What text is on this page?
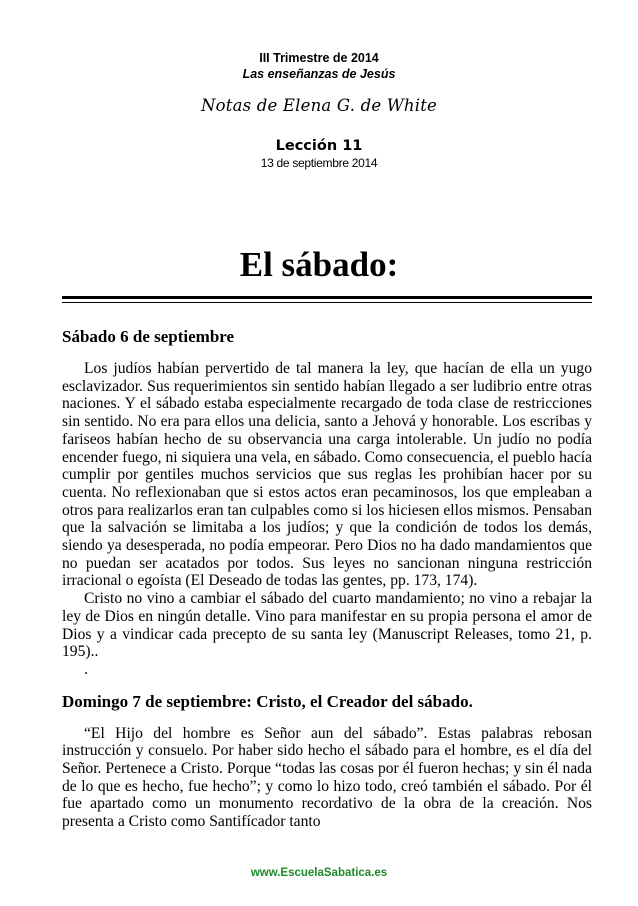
III Trimestre de 2014
Las enseñanzas de Jesús
Notas de Elena G. de White
Lección 11
13 de septiembre 2014
El sábado:

Sábado 6 de septiembre

Los judíos habían pervertido de tal manera la ley, que hacían de ella un yugo esclavizador. Sus requerimientos sin sentido habían llegado a ser ludibrio entre otras naciones. Y el sábado estaba especialmente recargado de toda clase de restricciones sin sentido. No era para ellos una delicia, santo a Jehová y honorable. Los escribas y fariseos habían hecho de su observancia una carga intolerable. Un judío no podía encender fuego, ni siquiera una vela, en sábado. Como consecuencia, el pueblo hacía cumplir por gentiles muchos servicios que sus reglas les prohibían hacer por su cuenta. No reflexionaban que si estos actos eran pecaminosos, los que empleaban a otros para realizarlos eran tan culpables como si los hiciesen ellos mismos. Pensaban que la salvación se limitaba a los judíos; y que la condición de todos los demás, siendo ya desesperada, no podía empeorar. Pero Dios no ha dado mandamientos que no puedan ser acatados por todos. Sus leyes no sancionan ninguna restricción irracional o egoísta (El Deseado de todas las gentes, pp. 173, 174).

Cristo no vino a cambiar el sábado del cuarto mandamiento; no vino a rebajar la ley de Dios en ningún detalle. Vino para manifestar en su propia persona el amor de Dios y a vindicar cada precepto de su santa ley (Manuscript Releases, tomo 21, p. 195)..

.

Domingo 7 de septiembre: Cristo, el Creador del sábado.

“El Hijo del hombre es Señor aun del sábado”. Estas palabras rebosan instrucción y consuelo. Por haber sido hecho el sábado para el hombre, es el día del Señor. Pertenece a Cristo. Porque “todas las cosas por él fueron hechas; y sin él nada de lo que es hecho, fue hecho”; y como lo hizo todo, creó también el sábado. Por él fue apartado como un monumento recordativo de la obra de la creación. Nos presenta a Cristo como Santifícador tanto

www.EscuelaSabatica.es
